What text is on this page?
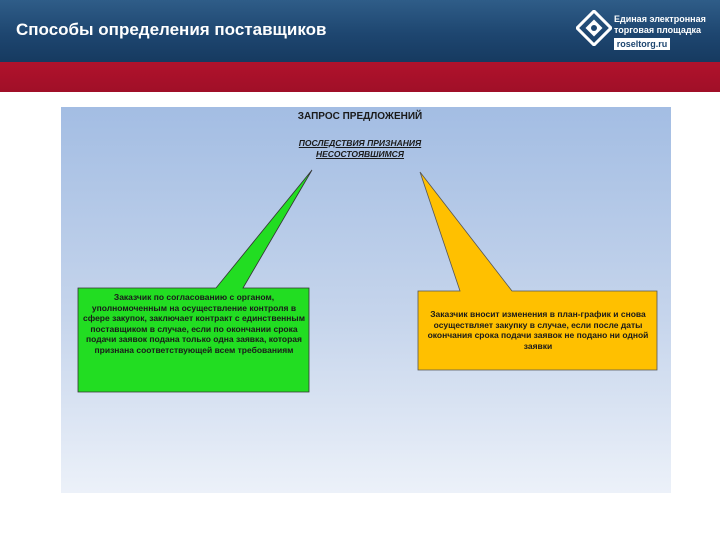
Способы определения поставщиков
Единая электронная
торговая площадка
roseltorg.ru
ЗАПРОС ПРЕДЛОЖЕНИЙ
ПОСЛЕДСТВИЯ ПРИЗНАНИЯ
НЕСОСТОЯВШИМСЯ
Заказчик по согласованию с органом, уполномоченным на осуществление контроля в сфере закупок, заключает контракт с единственным поставщиком в случае, если по окончании срока подачи заявок подана только одна заявка, которая признана соответствующей всем требованиям
Заказчик вносит изменения в план-график и снова осуществляет закупку в случае, если после даты окончания срока подачи заявок не подано ни одной заявки
